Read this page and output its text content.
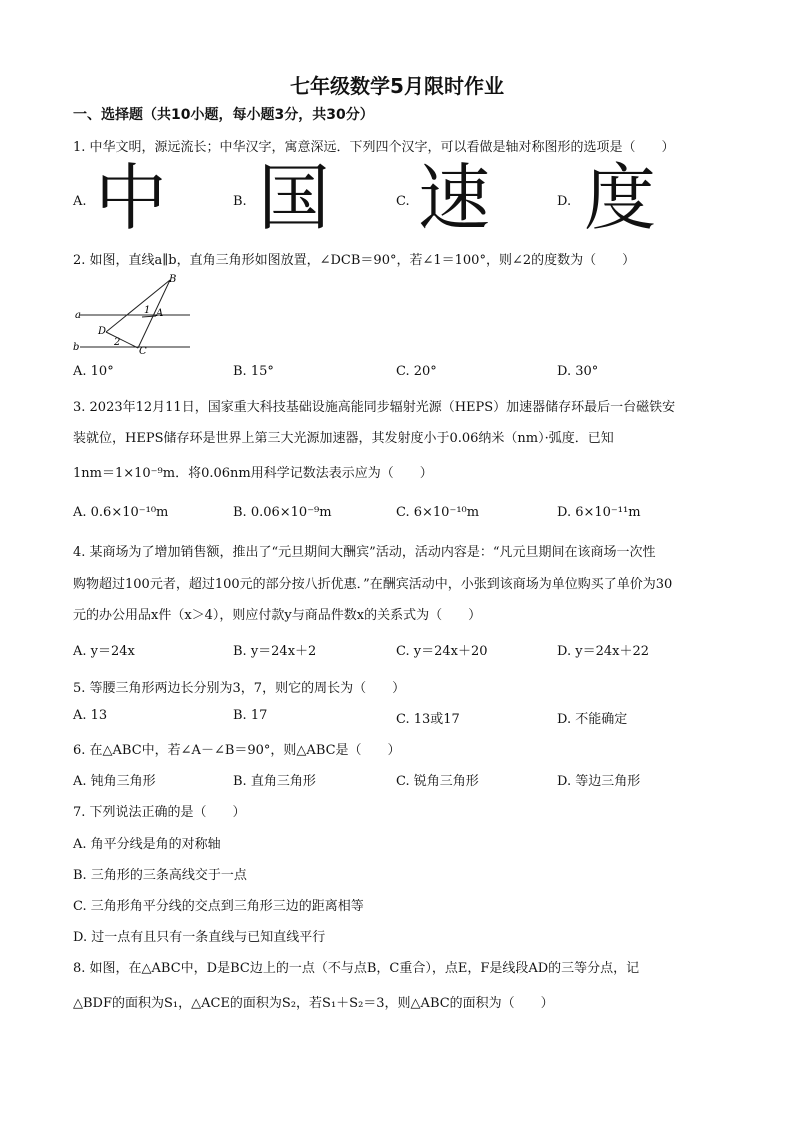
七年级数学5月限时作业
一、选择题（共10小题，每小题3分，共30分）
1. 中华文明，源远流长；中华汉字，寓意深远．下列四个汉字，可以看做是轴对称图形的选项是（　　）
A. 中	B. 国	C. 速	D. 度
2. 如图，直线a∥b，直角三角形如图放置，∠DCB＝90°，若∠1＝100°，则∠2的度数为（　　）
B
a	1 A
D
b	2
C
A. 10°	B. 15°	C. 20°	D. 30°
3. 2023年12月11日，国家重大科技基础设施高能同步辐射光源（HEPS）加速器储存环最后一台磁铁安
装就位，HEPS储存环是世界上第三大光源加速器，其发射度小于0.06纳米（nm）·弧度．已知
1nm＝1×10⁻⁹m．将0.06nm用科学记数法表示应为（　　）
A. 0.6×10⁻¹⁰m	B. 0.06×10⁻⁹m	C. 6×10⁻¹⁰m	D. 6×10⁻¹¹m
4. 某商场为了增加销售额，推出了“元旦期间大酬宾”活动，活动内容是：“凡元旦期间在该商场一次性
购物超过100元者，超过100元的部分按八折优惠．”在酬宾活动中，小张到该商场为单位购买了单价为30
元的办公用品x件（x＞4），则应付款y与商品件数x的关系式为（　　）
A. y＝24x	B. y＝24x＋2	C. y＝24x＋20	D. y＝24x＋22
5. 等腰三角形两边长分别为3，7，则它的周长为（　　）
A. 13	B. 17	C. 13或17	D. 不能确定
6. 在△ABC中，若∠A－∠B＝90°，则△ABC是（　　）
A. 钝角三角形	B. 直角三角形	C. 锐角三角形	D. 等边三角形
7. 下列说法正确的是（　　）
A. 角平分线是角的对称轴
B. 三角形的三条高线交于一点
C. 三角形角平分线的交点到三角形三边的距离相等
D. 过一点有且只有一条直线与已知直线平行
8. 如图，在△ABC中，D是BC边上的一点（不与点B，C重合），点E，F是线段AD的三等分点，记
△BDF的面积为S₁，△ACE的面积为S₂，若S₁＋S₂＝3，则△ABC的面积为（　　）
